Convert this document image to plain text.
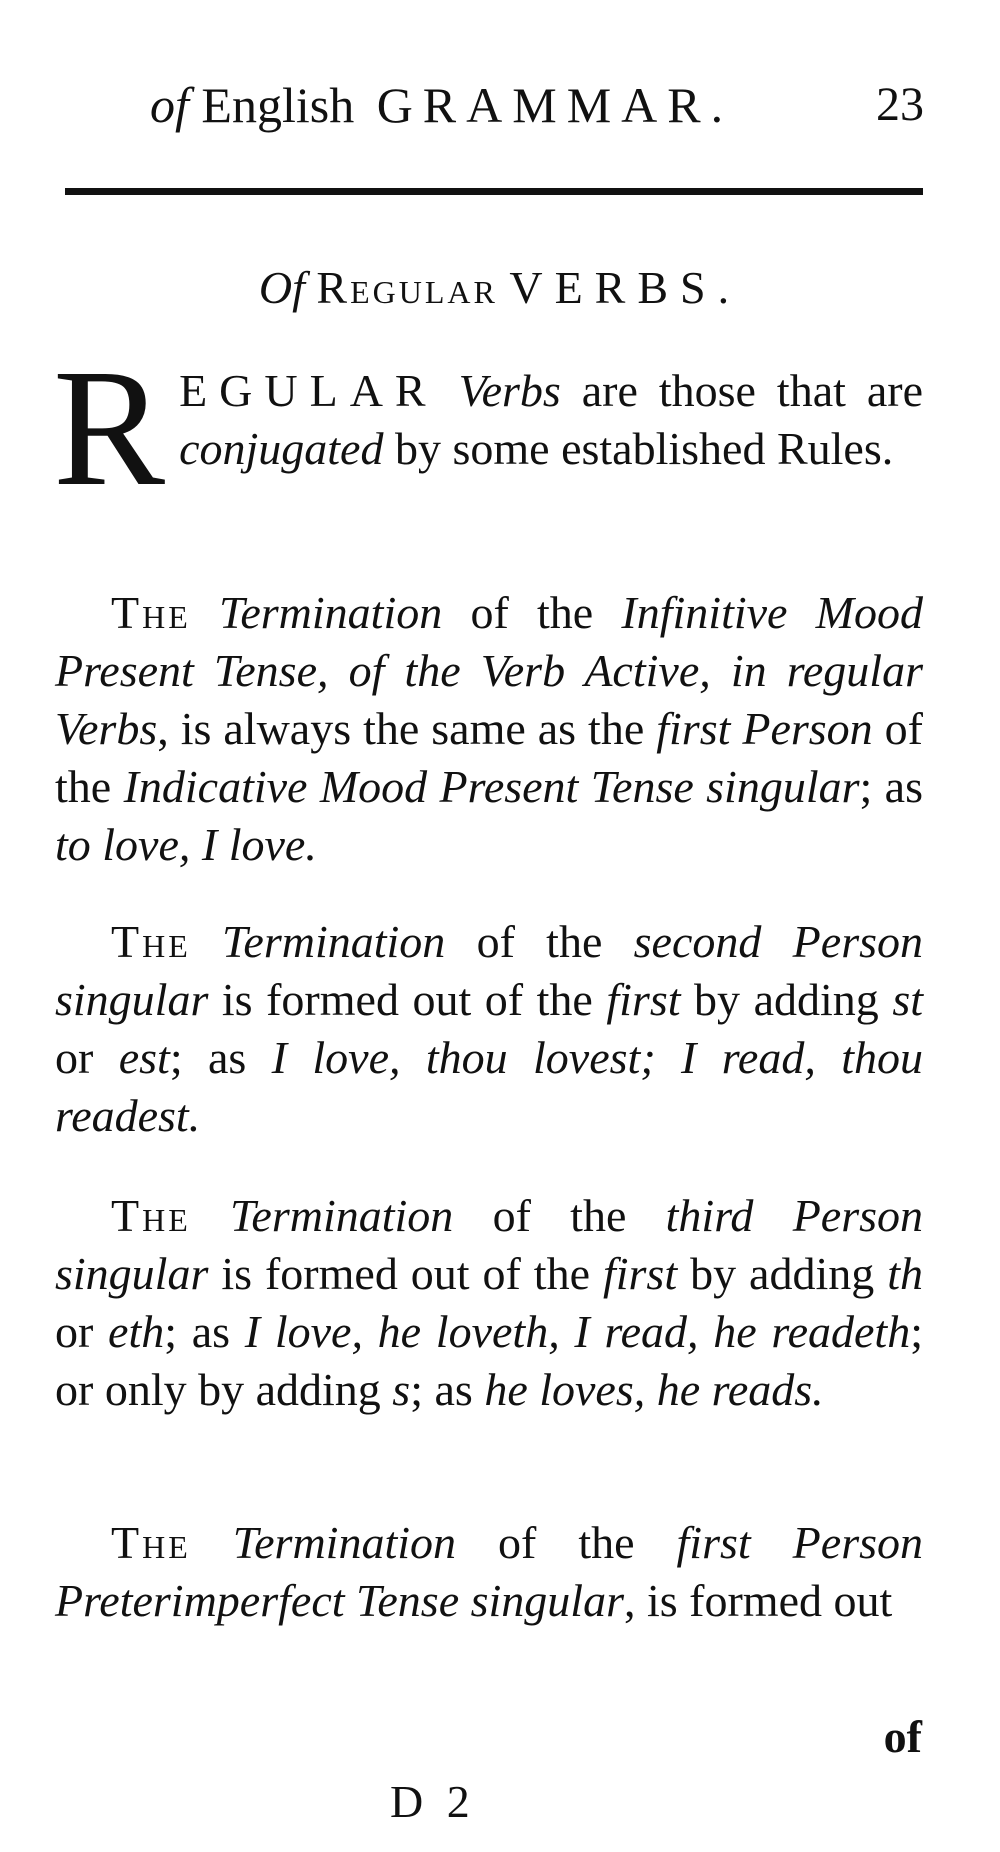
of English GRAMMAR.	23
Of Regular VERBS.
REGULAR Verbs are those that are conjugated by some established Rules.
The Termination of the Infinitive Mood Present Tense, of the Verb Active, in regular Verbs, is always the same as the first Person of the Indicative Mood Present Tense singular; as to love, I love.
The Termination of the second Person singular is formed out of the first by adding st or est; as I love, thou lovest; I read, thou readest.
The Termination of the third Person singular is formed out of the first by adding th or eth; as I love, he loveth, I read, he readeth; or only by adding s; as he loves, he reads.
The Termination of the first Person Preterimperfect Tense singular, is formed out
of
D 2
